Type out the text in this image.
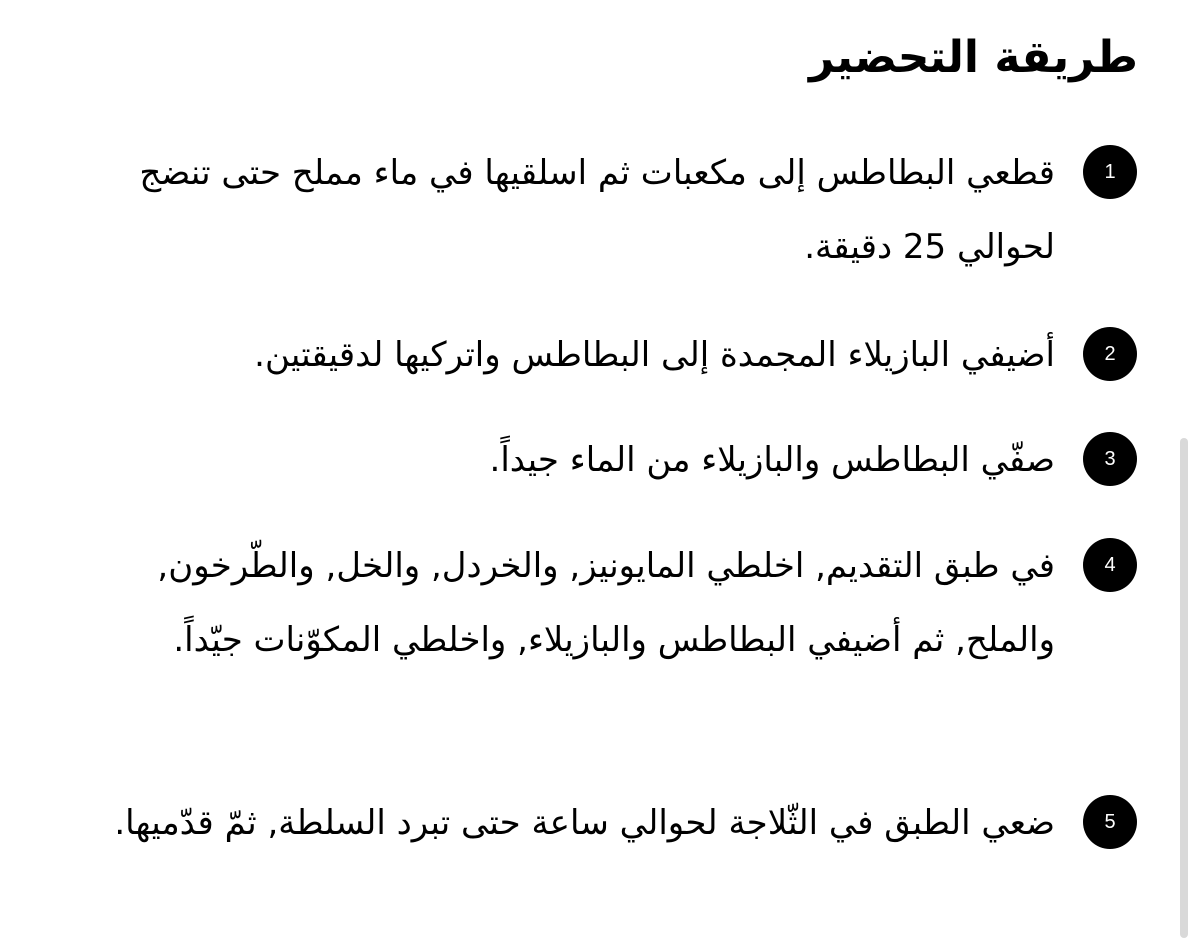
طريقة التحضير
1

قطعي البطاطس إلى مكعبات ثم اسلقيها في ماء مملح حتى تنضج لحوالي 25 دقيقة.

2

أضيفي البازيلاء المجمدة إلى البطاطس واتركيها لدقيقتين.

3

صفّي البطاطس والبازيلاء من الماء جيداً.

4

في طبق التقديم, اخلطي المايونيز, والخردل, والخل, والطّرخون, والملح, ثم أضيفي البطاطس والبازيلاء, واخلطي المكوّنات جيّداً.

5

ضعي الطبق في الثّلاجة لحوالي ساعة حتى تبرد السلطة, ثمّ قدّميها.
